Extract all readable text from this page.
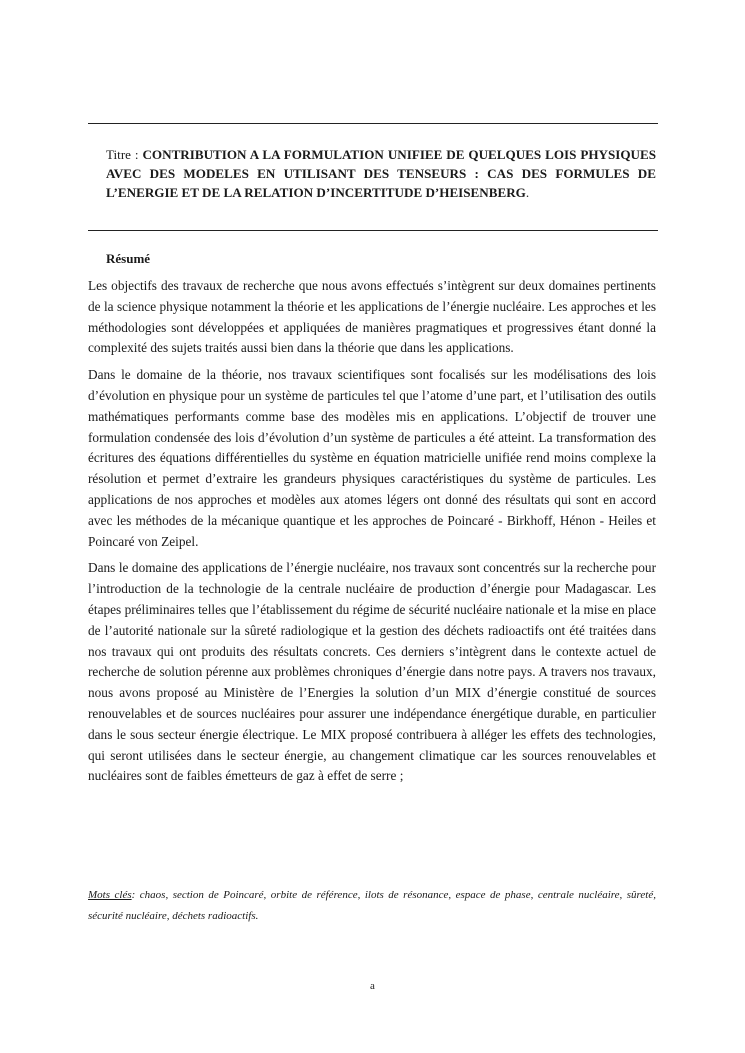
Titre : CONTRIBUTION A LA FORMULATION UNIFIEE DE QUELQUES LOIS PHYSIQUES AVEC DES MODELES EN UTILISANT DES TENSEURS : CAS DES FORMULES DE L’ENERGIE ET DE LA RELATION D’INCERTITUDE D’HEISENBERG.
Résumé

Les objectifs des travaux de recherche que nous avons effectués s’intègrent sur deux domaines pertinents de la science physique notamment la théorie et les applications de l’énergie nucléaire. Les approches et les méthodologies sont développées et appliquées de manières pragmatiques et progressives étant donné la complexité des sujets traités aussi bien dans la théorie que dans les applications.

Dans le domaine de la théorie, nos travaux scientifiques sont focalisés sur les modélisations des lois d’évolution en physique pour un système de particules tel que l’atome d’une part, et l’utilisation des outils mathématiques performants comme base des modèles mis en applications. L’objectif de trouver une formulation condensée des lois d’évolution d’un système de particules a été atteint. La transformation des écritures des équations différentielles du système en équation matricielle unifiée rend moins complexe la résolution et permet d’extraire les grandeurs physiques caractéristiques du système de particules. Les applications de nos approches et modèles aux atomes légers ont donné des résultats qui sont en accord avec les méthodes de la mécanique quantique et les approches de Poincaré - Birkhoff, Hénon - Heiles et Poincaré von Zeipel.

Dans le domaine des applications de l’énergie nucléaire, nos travaux sont concentrés sur la recherche pour l’introduction de la technologie de la centrale nucléaire de production d’énergie pour Madagascar. Les étapes préliminaires telles que l’établissement du régime de sécurité nucléaire nationale et la mise en place de l’autorité nationale sur la sûreté radiologique et la gestion des déchets radioactifs ont été traitées dans nos travaux qui ont produits des résultats concrets. Ces derniers s’intègrent dans le contexte actuel de recherche de solution pérenne aux problèmes chroniques d’énergie dans notre pays. A travers nos travaux, nous avons proposé au Ministère de l’Energies la solution d’un MIX d’énergie constitué de sources renouvelables et de sources nucléaires pour assurer une indépendance énergétique durable, en particulier dans le sous secteur énergie électrique. Le MIX proposé contribuera à alléger les effets des technologies, qui seront utilisées dans le secteur énergie, au changement climatique car les sources renouvelables et nucléaires sont de faibles émetteurs de gaz à effet de serre ;

Mots clés: chaos, section de Poincaré, orbite de référence, ilots de résonance, espace de phase, centrale nucléaire, sûreté, sécurité nucléaire, déchets radioactifs.
a
